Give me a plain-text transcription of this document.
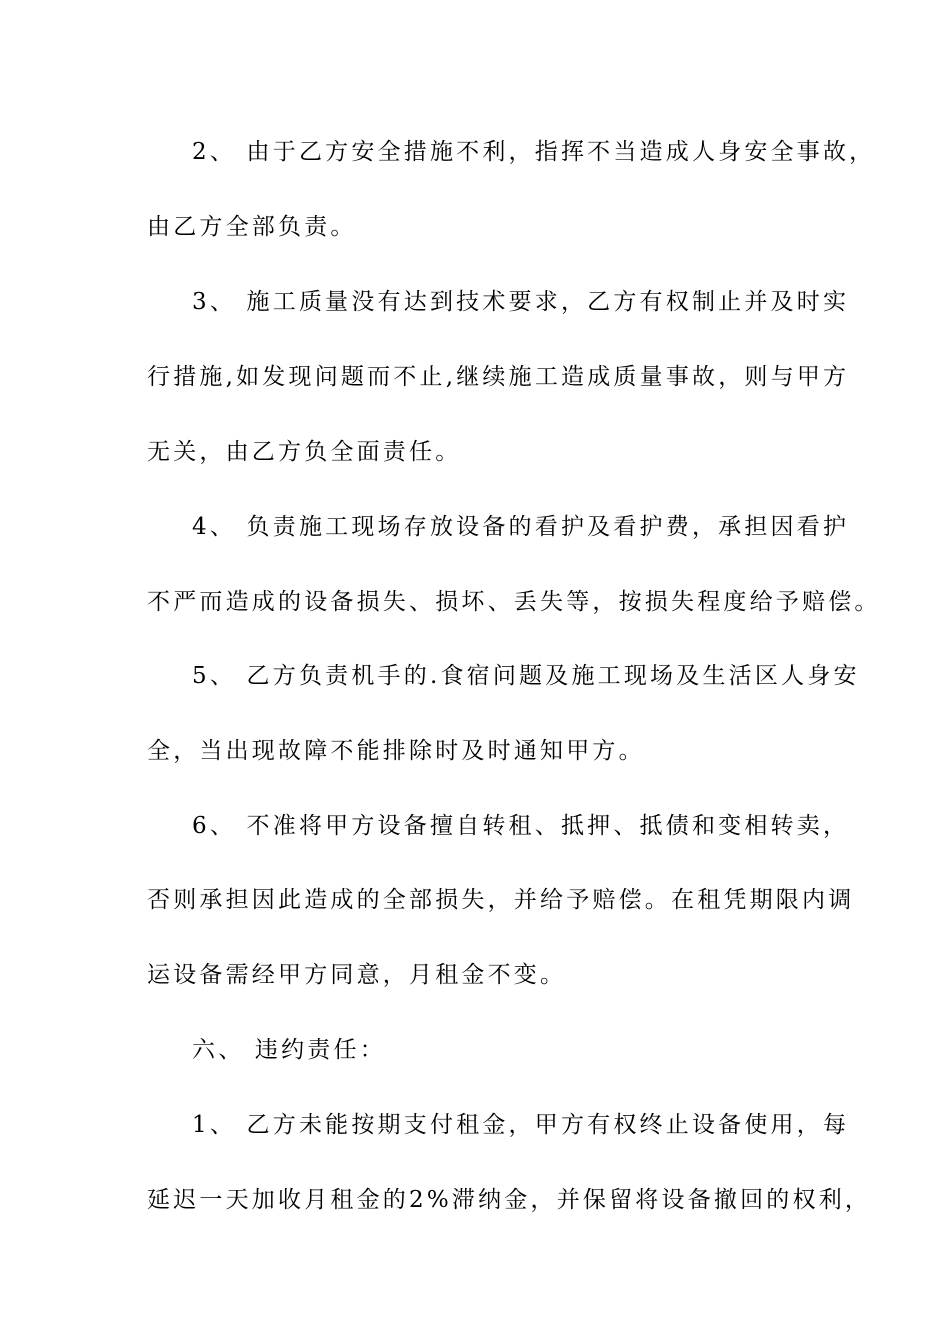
2、 由于乙方安全措施不利，指挥不当造成人身安全事故，
由乙方全部负责。
3、 施工质量没有达到技术要求，乙方有权制止并及时实
行措施,如发现问题而不止,继续施工造成质量事故，则与甲方
无关，由乙方负全面责任。
4、 负责施工现场存放设备的看护及看护费，承担因看护
不严而造成的设备损失、损坏、丢失等，按损失程度给予赔偿。
5、 乙方负责机手的.食宿问题及施工现场及生活区人身安
全，当出现故障不能排除时及时通知甲方。
6、 不准将甲方设备擅自转租、抵押、抵债和变相转卖，
否则承担因此造成的全部损失，并给予赔偿。在租凭期限内调
运设备需经甲方同意，月租金不变。
六、 违约责任：
1、 乙方未能按期支付租金，甲方有权终止设备使用，每
延迟一天加收月租金的2%滞纳金，并保留将设备撤回的权利，
